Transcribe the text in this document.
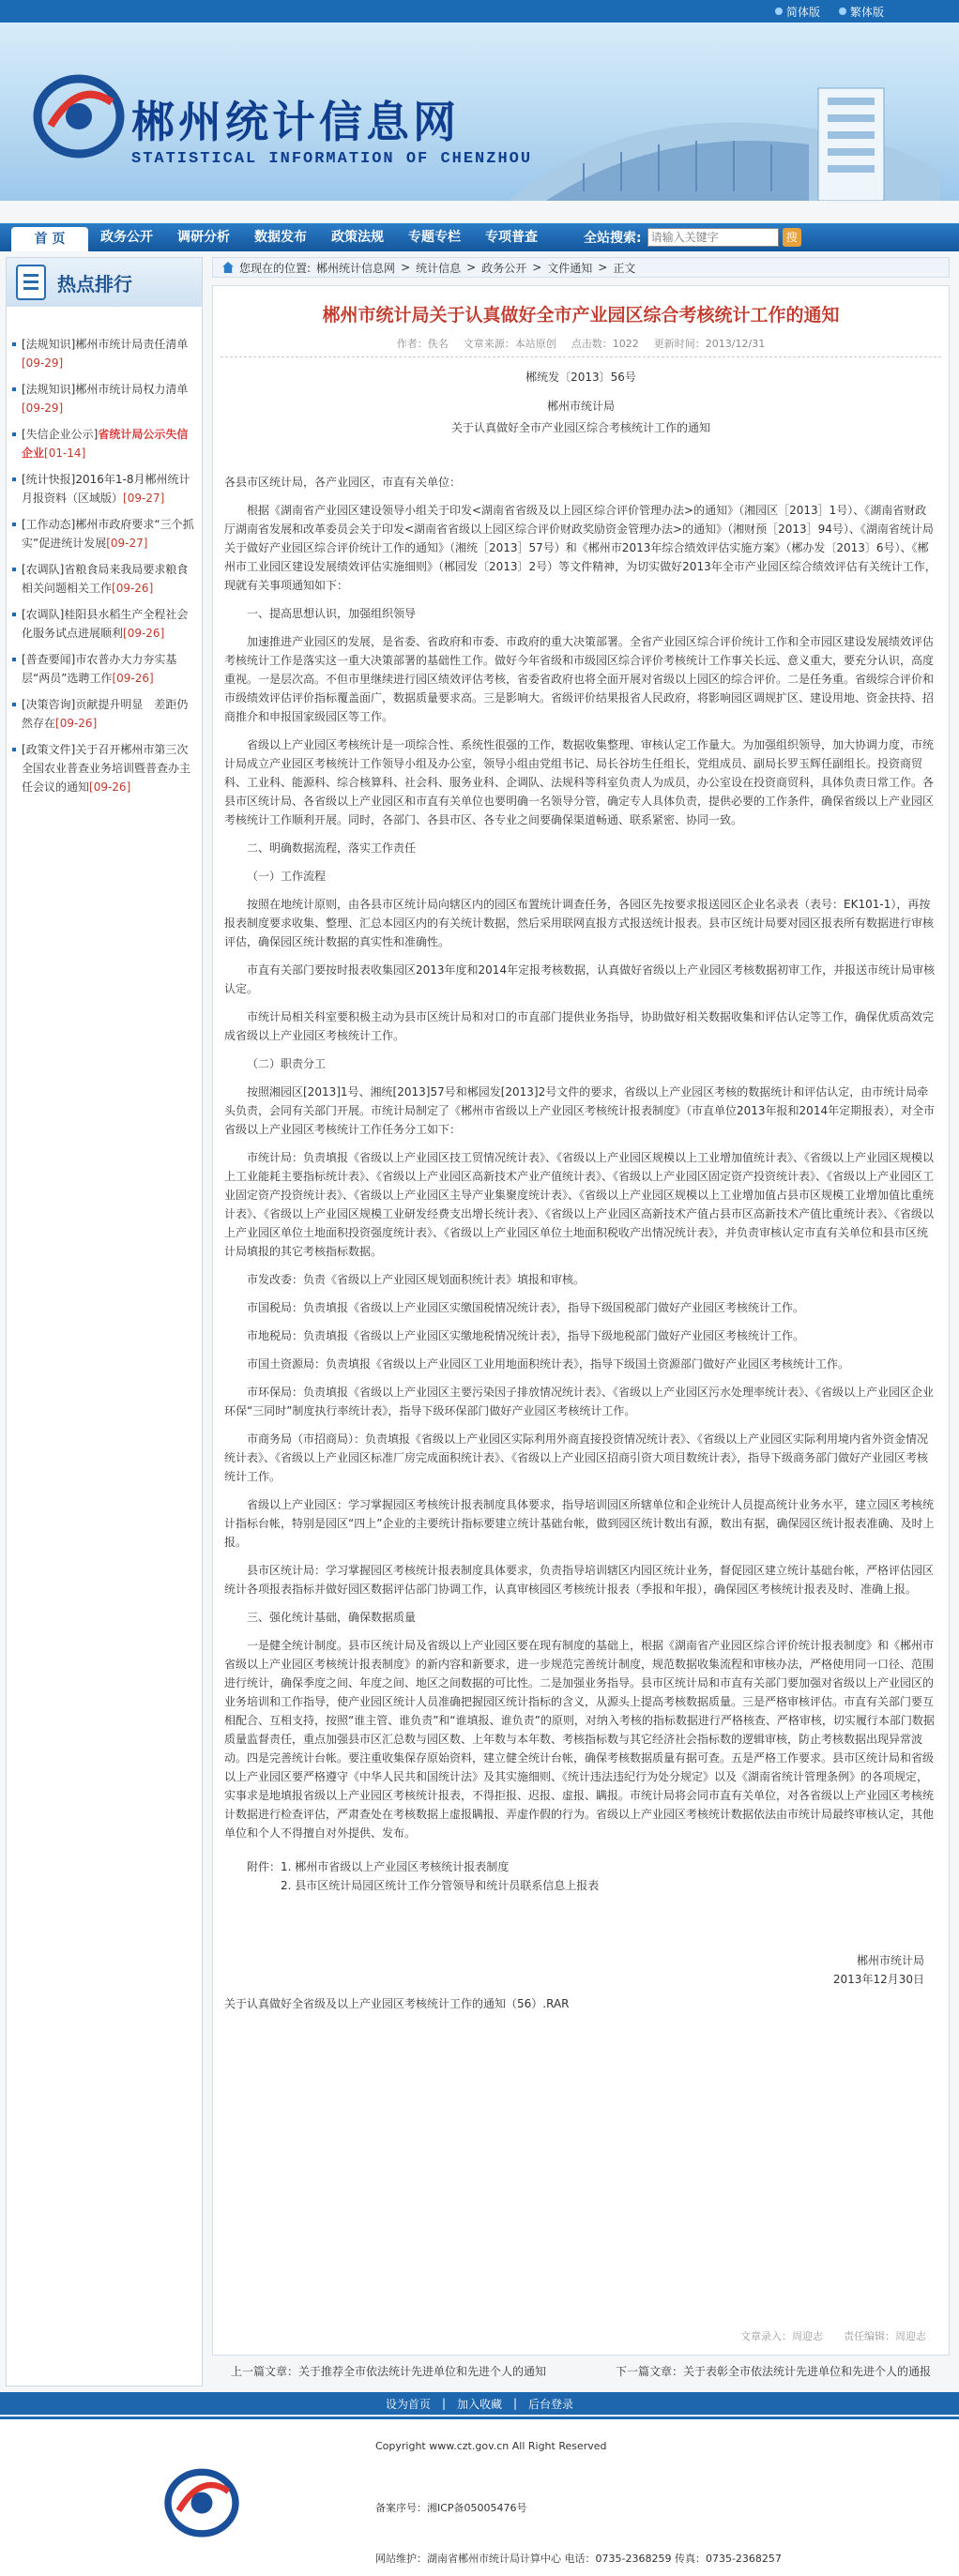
简体版	繁体版
郴州统计信息网
STATISTICAL INFORMATION OF CHENZHOU
首 页	政务公开	调研分析	数据发布	政策法规	专题专栏	专项普查	全站搜索:
请输入关键字	搜
热点排行
[法规知识]郴州市统计局责任清单[09-29]
[法规知识]郴州市统计局权力清单[09-29]
[失信企业公示]省统计局公示失信企业[01-14]
[统计快报]2016年1-8月郴州统计月报资料（区域版）[09-27]
[工作动态]郴州市政府要求“三个抓实”促进统计发展[09-27]
[农调队]省粮食局来我局要求粮食相关问题相关工作[09-26]
[农调队]桂阳县水稻生产全程社会化服务试点进展顺利[09-26]
[普查要闻]市农普办大力夯实基层“两员”选聘工作[09-26]
[决策咨询]贡献提升明显　差距仍然存在[09-26]
[政策文件]关于召开郴州市第三次全国农业普查业务培训暨普查办主任会议的通知[09-26]
您现在的位置: 郴州统计信息网 > 统计信息 > 政务公开 > 文件通知 > 正文
郴州市统计局关于认真做好全市产业园区综合考核统计工作的通知
作者：佚名 文章来源：本站原创 点击数：1022 更新时间：2013/12/31
郴统发〔2013〕56号
郴州市统计局
关于认真做好全市产业园区综合考核统计工作的通知

各县市区统计局，各产业园区，市直有关单位：

根据《湖南省产业园区建设领导小组关于印发<湖南省省级及以上园区综合评价管理办法>的通知》（湘园区［2013］1号）、《湖南省财政厅湖南省发展和改革委员会关于印发<湖南省省级以上园区综合评价财政奖励资金管理办法>的通知》（湘财预［2013］94号）、《湖南省统计局关于做好产业园区综合评价统计工作的通知》（湘统［2013］57号）和《郴州市2013年综合绩效评估实施方案》（郴办发〔2013〕6号）、《郴州市工业园区建设发展绩效评估实施细则》（郴园发〔2013〕2号）等文件精神，为切实做好2013年全市产业园区综合绩效评估有关统计工作，现就有关事项通知如下：

一、提高思想认识，加强组织领导

加速推进产业园区的发展，是省委、省政府和市委、市政府的重大决策部署。全省产业园区综合评价统计工作和全市园区建设发展绩效评估考核统计工作是落实这一重大决策部署的基础性工作。做好今年省级和市级园区综合评价考核统计工作事关长远、意义重大，要充分认识，高度重视。一是层次高。不但市里继续进行园区绩效评估考核，省委省政府也将全面开展对省级以上园区的综合评价。二是任务重。省级综合评价和市级绩效评估评价指标覆盖面广，数据质量要求高。三是影响大。省级评价结果报省人民政府，将影响园区调规扩区、建设用地、资金扶持、招商推介和申报国家级园区等工作。

省级以上产业园区考核统计是一项综合性、系统性很强的工作，数据收集整理、审核认定工作量大。为加强组织领导，加大协调力度，市统计局成立产业园区考核统计工作领导小组及办公室，领导小组由党组书记、局长谷坊生任组长，党组成员、副局长罗玉辉任副组长。投资商贸科、工业科、能源科、综合核算科、社会科、服务业科、企调队、法规科等科室负责人为成员，办公室设在投资商贸科，具体负责日常工作。各县市区统计局、各省级以上产业园区和市直有关单位也要明确一名领导分管，确定专人具体负责，提供必要的工作条件，确保省级以上产业园区考核统计工作顺利开展。同时，各部门、各县市区、各专业之间要确保渠道畅通、联系紧密、协同一致。

二、明确数据流程，落实工作责任

（一）工作流程

按照在地统计原则，由各县市区统计局向辖区内的园区布置统计调查任务，各园区先按要求报送园区企业名录表（表号：EK101-1），再按报表制度要求收集、整理、汇总本园区内的有关统计数据，然后采用联网直报方式报送统计报表。县市区统计局要对园区报表所有数据进行审核评估，确保园区统计数据的真实性和准确性。

市直有关部门要按时报表收集园区2013年度和2014年定报考核数据，认真做好省级以上产业园区考核数据初审工作，并报送市统计局审核认定。

市统计局相关科室要积极主动为县市区统计局和对口的市直部门提供业务指导，协助做好相关数据收集和评估认定等工作，确保优质高效完成省级以上产业园区考核统计工作。

（二）职责分工

按照湘园区[2013]1号、湘统[2013]57号和郴园发[2013]2号文件的要求，省级以上产业园区考核的数据统计和评估认定，由市统计局牵头负责，会同有关部门开展。市统计局制定了《郴州市省级以上产业园区考核统计报表制度》（市直单位2013年报和2014年定期报表），对全市省级以上产业园区考核统计工作任务分工如下：

市统计局：负责填报《省级以上产业园区技工贸情况统计表》、《省级以上产业园区规模以上工业增加值统计表》、《省级以上产业园区规模以上工业能耗主要指标统计表》、《省级以上产业园区高新技术产业产值统计表》、《省级以上产业园区固定资产投资统计表》、《省级以上产业园区工业固定资产投资统计表》、《省级以上产业园区主导产业集聚度统计表》、《省级以上产业园区规模以上工业增加值占县市区规模工业增加值比重统计表》、《省级以上产业园区规模工业研发经费支出增长统计表》、《省级以上产业园区高新技术产值占县市区高新技术产值比重统计表》、《省级以上产业园区单位土地面积投资强度统计表》、《省级以上产业园区单位土地面积税收产出情况统计表》，并负责审核认定市直有关单位和县市区统计局填报的其它考核指标数据。

市发改委：负责《省级以上产业园区规划面积统计表》填报和审核。

市国税局：负责填报《省级以上产业园区实缴国税情况统计表》，指导下级国税部门做好产业园区考核统计工作。

市地税局：负责填报《省级以上产业园区实缴地税情况统计表》，指导下级地税部门做好产业园区考核统计工作。

市国土资源局：负责填报《省级以上产业园区工业用地面积统计表》，指导下级国土资源部门做好产业园区考核统计工作。

市环保局：负责填报《省级以上产业园区主要污染因子排放情况统计表》、《省级以上产业园区污水处理率统计表》、《省级以上产业园区企业环保“三同时”制度执行率统计表》，指导下级环保部门做好产业园区考核统计工作。

市商务局（市招商局）：负责填报《省级以上产业园区实际利用外商直接投资情况统计表》、《省级以上产业园区实际利用境内省外资金情况统计表》、《省级以上产业园区标准厂房完成面积统计表》、《省级以上产业园区招商引资大项目数统计表》，指导下级商务部门做好产业园区考核统计工作。

省级以上产业园区：学习掌握园区考核统计报表制度具体要求，指导培训园区所辖单位和企业统计人员提高统计业务水平，建立园区考核统计指标台帐，特别是园区“四上”企业的主要统计指标要建立统计基础台帐，做到园区统计数出有源，数出有据，确保园区统计报表准确、及时上报。

县市区统计局：学习掌握园区考核统计报表制度具体要求，负责指导培训辖区内园区统计业务，督促园区建立统计基础台帐，严格评估园区统计各项报表指标并做好园区数据评估部门协调工作，认真审核园区考核统计报表（季报和年报），确保园区考核统计报表及时、准确上报。

三、强化统计基础，确保数据质量

一是健全统计制度。县市区统计局及省级以上产业园区要在现有制度的基础上，根据《湖南省产业园区综合评价统计报表制度》和《郴州市省级以上产业园区考核统计报表制度》的新内容和新要求，进一步规范完善统计制度，规范数据收集流程和审核办法，严格使用同一口径、范围进行统计，确保季度之间、年度之间、地区之间数据的可比性。二是加强业务指导。县市区统计局和市直有关部门要加强对省级以上产业园区的业务培训和工作指导，使产业园区统计人员准确把握园区统计指标的含义，从源头上提高考核数据质量。三是严格审核评估。市直有关部门要互相配合、互相支持，按照“谁主管、谁负责”和“谁填报、谁负责”的原则，对纳入考核的指标数据进行严格核查、严格审核，切实履行本部门数据质量监督责任，重点加强县市区汇总数与园区数、上年数与本年数、考核指标数与其它经济社会指标数的逻辑审核，防止考核数据出现异常波动。四是完善统计台帐。要注重收集保存原始资料，建立健全统计台帐，确保考核数据质量有据可查。五是严格工作要求。县市区统计局和省级以上产业园区要严格遵守《中华人民共和国统计法》及其实施细则、《统计违法违纪行为处分规定》以及《湖南省统计管理条例》的各项规定，实事求是地填报省级以上产业园区考核统计报表，不得拒报、迟报、虚报、瞒报。市统计局将会同市直有关单位，对各省级以上产业园区考核统计数据进行检查评估，严肃查处在考核数据上虚报瞒报、弄虚作假的行为。省级以上产业园区考核统计数据依法由市统计局最终审核认定，其他单位和个人不得擅自对外提供、发布。

附件：1. 郴州市省级以上产业园区考核统计报表制度
2. 县市区统计局园区统计工作分管领导和统计员联系信息上报表
郴州市统计局
2013年12月30日
关于认真做好全省级及以上产业园区考核统计工作的通知（56）.RAR
文章录入：周迎志　　责任编辑：周迎志
上一篇文章：关于推荐全市依法统计先进单位和先进个人的通知	下一篇文章：关于表彰全市依法统计先进单位和先进个人的通报
设为首页 | 加入收藏 | 后台登录
Copyright www.czt.gov.cn All Right Reserved
备案序号：湘ICP备05005476号
网站维护：湖南省郴州市统计局计算中心 电话：0735-2368259 传真：0735-2368257
